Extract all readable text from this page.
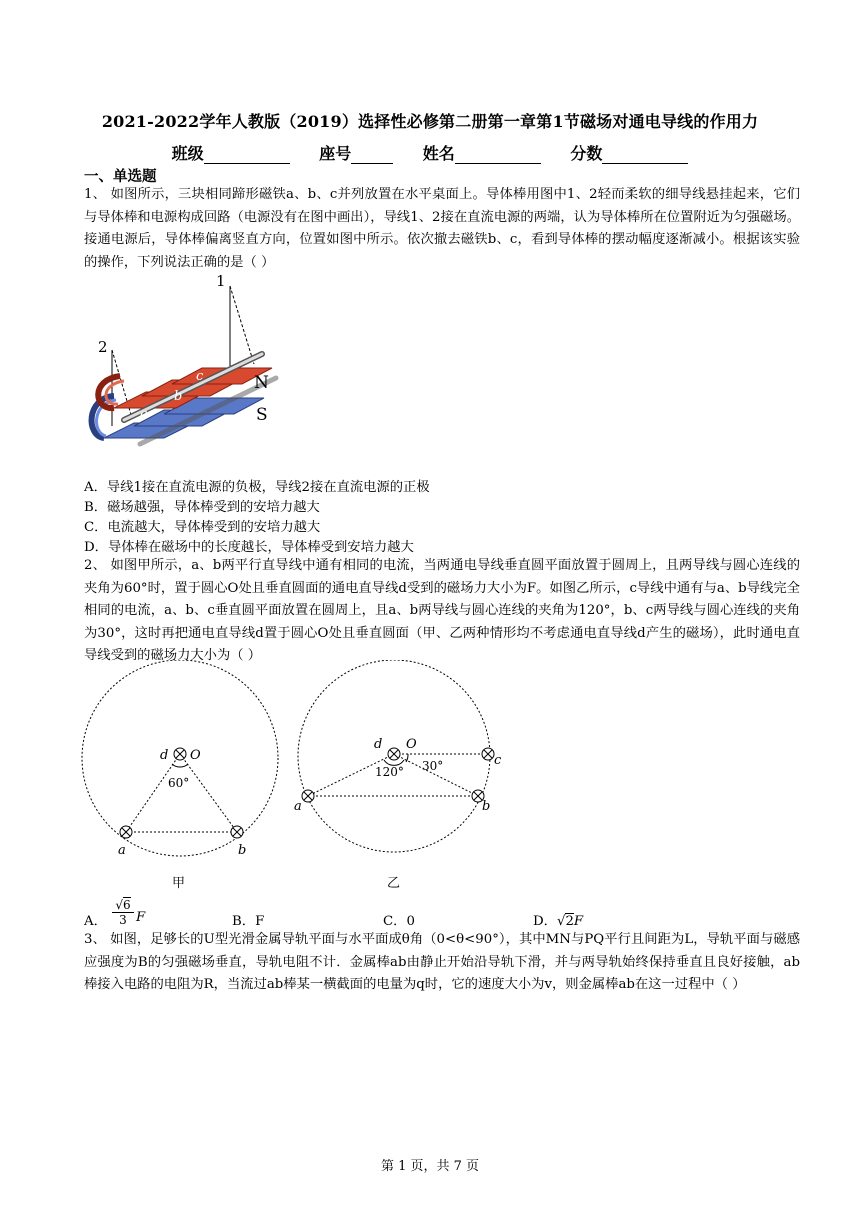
2021-2022学年人教版（2019）选择性必修第二册第一章第1节磁场对通电导线的作用力
班级	座号	姓名	分数
一、单选题
1、 如图所示，三块相同蹄形磁铁a、b、c并列放置在水平桌面上。导体棒用图中1、2轻而柔软的细导线悬挂起来，它们与导体棒和电源构成回路（电源没有在图中画出），导线1、2接在直流电源的两端，认为导体棒所在位置附近为匀强磁场。接通电源后，导体棒偏离竖直方向，位置如图中所示。依次撤去磁铁b、c，看到导体棒的摆动幅度逐渐减小。根据该实验的操作，下列说法正确的是（ ）
1
2
N
S
a
b
c
A．导线1接在直流电源的负极，导线2接在直流电源的正极
B．磁场越强，导体棒受到的安培力越大
C．电流越大，导体棒受到的安培力越大
D．导体棒在磁场中的长度越长，导体棒受到安培力越大
2、 如图甲所示，a、b两平行直导线中通有相同的电流，当两通电导线垂直圆平面放置于圆周上，且两导线与圆心连线的夹角为60°时，置于圆心O处且垂直圆面的通电直导线d受到的磁场力大小为F。如图乙所示，c导线中通有与a、b导线完全相同的电流，a、b、c垂直圆平面放置在圆周上，且a、b两导线与圆心连线的夹角为120°，b、c两导线与圆心连线的夹角为30°，这时再把通电直导线d置于圆心O处且垂直圆面（甲、乙两种情形均不考虑通电直导线d产生的磁场），此时通电直导线受到的磁场力大小为（ ）
d O
60°
a	b
甲
d O
120° 30°
a	b
c
乙
A． $\frac{√6}{3}$ F	B．F	C．0	D．√2F
3、 如图，足够长的U型光滑金属导轨平面与水平面成θ角（0<θ<90°），其中MN与PQ平行且间距为L，导轨平面与磁感应强度为B的匀强磁场垂直，导轨电阻不计．金属棒ab由静止开始沿导轨下滑，并与两导轨始终保持垂直且良好接触，ab棒接入电路的电阻为R，当流过ab棒某一横截面的电量为q时，它的速度大小为v，则金属棒ab在这一过程中（ ）
第 1 页，共 7 页
